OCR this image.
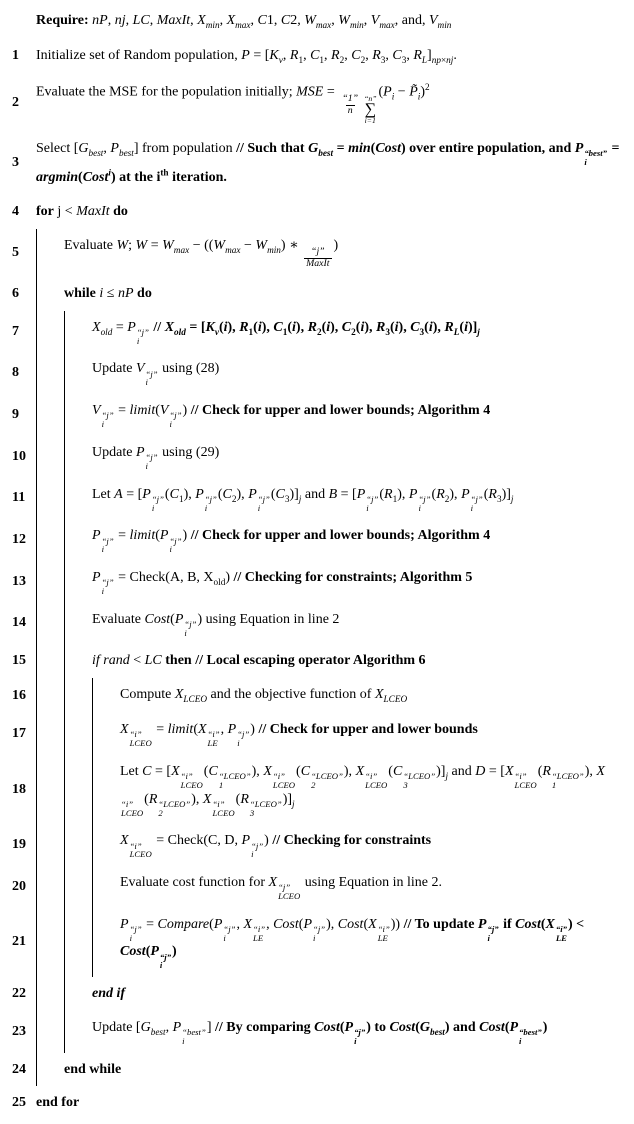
Require: nP, nj, LC, MaxIt, $X_{min}$, $X_{max}$, C1, C2, $W_{max}$, $W_{min}$, $V_{max}$, and, $V_{min}$
1	Initialize set of Random population, $P = [K_v$, $R_1$, $C_1$, $R_2$, $C_2$, $R_3$, $C_3$, $R_L]_{np\times nj}$.
2
Evaluate the MSE for the population initially; MSE =
$\frac{1}{n}$	n
∑
i=1
($P_i$ − $P̃_i)^2$
3
Select [$G_{best}$, $P_{best}$] from population // Such that $G_{best}$ = min(Cost) over entire population, and P best
i
= argmin(Cost$^i$) at the $i^{th}$ iteration.
4	for j < MaxIt do
5	Evaluate W; $W = W_{max} - ((W_{max} - W_{min})$ ∗	j
MaxIt
)
6	while i ≤ nP do
7	$X_{old} = P$ j
i
// $X_{old} = [K_v(i)$, $R_1(i)$, $C_1(i)$, $R_2(i)$, $C_2(i)$, $R_3(i)$, $C_3(i)$, $R_L(i)]_j$
8	Update V j
i
using (28)
9	V j
i
= limit(V j
i
) // Check for upper and lower bounds; Algorithm 4
10	Update P j
i
using (29)
11	Let A = [P j
i
$(C_1)$, P j
i
$(C_2)$, P j
i
$(C_3)]_j$ and B = [P j
i
$(R_1)$, P j
i
$(R_2)$, P j
i
$(R_3)]_j$
12	P j
i
= limit(P j
i
) // Check for upper and lower bounds; Algorithm 4
13	P j
i
= Check(A, B, $X_{old}$) // Checking for constraints; Algorithm 5
14	Evaluate Cost(P j
i
) using Equation in line 2
15	if rand < LC then // Local escaping operator Algorithm 6
16	Compute $X_{LCEO}$ and the objective function of $X_{LCEO}$
17	X i
LCEO
= limit(X i
LE
, P j
i
) // Check for upper and lower bounds
18
Let C = [X i
LCEO
(C LCEO
1
), X i
LCEO
(C LCEO
2
), X i
LCEO
(C LCEO
3
)]$_j$ and D = [X i
LCEO
(R LCEO
1
), X
i
LCEO
(R LCEO
2
), X i
LCEO
(R LCEO
3
)]$_j$
19	X i
LCEO
= Check(C, D, P j
i
) // Checking for constraints
20	Evaluate cost function for X j
LCEO
using Equation in line 2.
21
P j
i
= Compare(P j
i
, X i
LE
, Cost(P j
i
), Cost(X i
LE
)) // To update P j
i
if Cost(X i
LE
) < Cost(P j
i
)
22	end if
23	Update [$G_{best}$, P best
i
] // By comparing Cost(P j
i
) to $Cost(G_{best})$ and Cost(P best
i
)
24	end while
25 end for
